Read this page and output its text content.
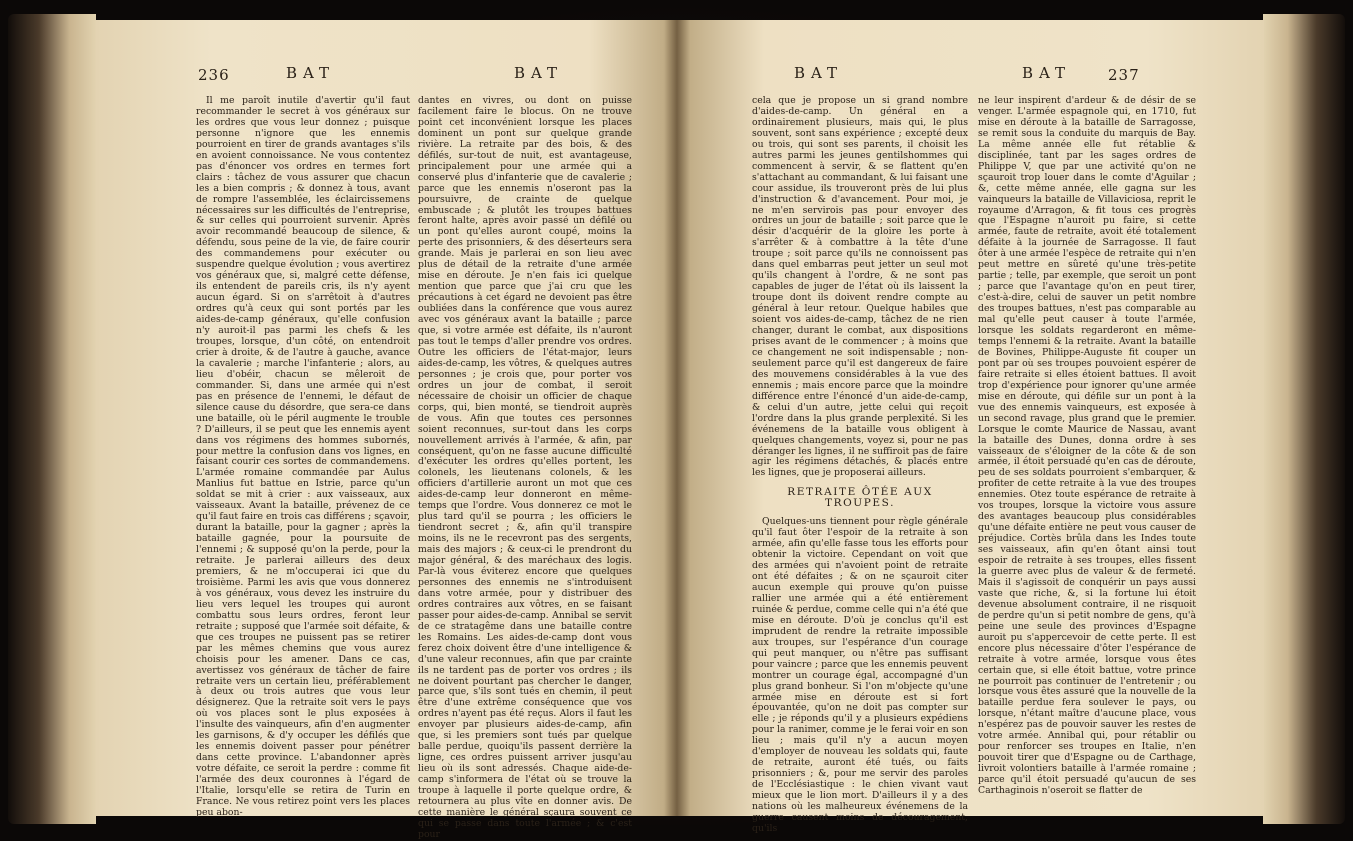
236	BAT	BAT

Il me paroît inutile d'avertir qu'il faut recommander le secret à vos généraux sur les ordres que vous leur donnez ; puisque personne n'ignore que les ennemis pourroient en tirer de grands avantages s'ils en avoient connoissance. Ne vous contentez pas d'énoncer vos ordres en termes fort clairs : tâchez de vous assurer que chacun les a bien compris ; & donnez à tous, avant de rompre l'assemblée, les éclaircissemens nécessaires sur les difficultés de l'entreprise, & sur celles qui pourroient survenir. Après avoir recommandé beaucoup de silence, & défendu, sous peine de la vie, de faire courir des commandemens pour exécuter ou suspendre quelque évolution ; vous avertirez vos généraux que, si, malgré cette défense, ils entendent de pareils cris, ils n'y ayent aucun égard. Si on s'arrêtoit à d'autres ordres qu'à ceux qui sont portés par les aides-de-camp généraux, qu'elle confusion n'y auroit-il pas parmi les chefs & les troupes, lorsque, d'un côté, on entendroit crier à droite, & de l'autre à gauche, avance la cavalerie ; marche l'infanterie ; alors, au lieu d'obéir, chacun se mêleroit de commander. Si, dans une armée qui n'est pas en présence de l'ennemi, le défaut de silence cause du désordre, que sera-ce dans une bataille, où le péril augmente le trouble ? D'ailleurs, il se peut que les ennemis ayent dans vos régimens des hommes subornés, pour mettre la confusion dans vos lignes, en faisant courir ces sortes de commandemens. L'armée romaine commandée par Aulus Manlius fut battue en Istrie, parce qu'un soldat se mit à crier : aux vaisseaux, aux vaisseaux. Avant la bataille, prévenez de ce qu'il faut faire en trois cas différens ; sçavoir, durant la bataille, pour la gagner ; après la bataille gagnée, pour la poursuite de l'ennemi ; & supposé qu'on la perde, pour la retraite. Je parlerai ailleurs des deux premiers, & ne m'occuperai ici que du troisième. Parmi les avis que vous donnerez à vos généraux, vous devez les instruire du lieu vers lequel les troupes qui auront combattu sous leurs ordres, feront leur retraite ; supposé que l'armée soit défaite, & que ces troupes ne puissent pas se retirer par les mêmes chemins que vous aurez choisis pour les amener. Dans ce cas, avertissez vos généraux de tâcher de faire retraite vers un certain lieu, préférablement à deux ou trois autres que vous leur désignerez. Que la retraite soit vers le pays où vos places sont le plus exposées à l'insulte des vainqueurs, afin d'en augmenter les garnisons, & d'y occuper les défilés que les ennemis doivent passer pour pénétrer dans cette province. L'abandonner après votre défaite, ce seroit la perdre : comme fit l'armée des deux couronnes à l'égard de l'Italie, lorsqu'elle se retira de Turin en France. Ne vous retirez point vers les places peu abon-

dantes en vivres, ou dont on puisse facilement faire le blocus. On ne trouve point cet inconvénient lorsque les places dominent un pont sur quelque grande rivière. La retraite par des bois, & des défilés, sur-tout de nuit, est avantageuse, principalement pour une armée qui a conservé plus d'infanterie que de cavalerie ; parce que les ennemis n'oseront pas la poursuivre, de crainte de quelque embuscade ; & plutôt les troupes battues feront halte, après avoir passé un défilé ou un pont qu'elles auront coupé, moins la perte des prisonniers, & des déserteurs sera grande. Mais je parlerai en son lieu avec plus de détail de la retraite d'une armée mise en déroute. Je n'en fais ici quelque mention que parce que j'ai cru que les précautions à cet égard ne devoient pas être oubliées dans la conférence que vous aurez avec vos généraux avant la bataille ; parce que, si votre armée est défaite, ils n'auront pas tout le temps d'aller prendre vos ordres. Outre les officiers de l'état-major, leurs aides-de-camp, les vôtres, & quelques autres personnes ; je crois que, pour porter vos ordres un jour de combat, il seroit nécessaire de choisir un officier de chaque corps, qui, bien monté, se tiendroit auprès de vous. Afin que toutes ces personnes soient reconnues, sur-tout dans les corps nouvellement arrivés à l'armée, & afin, par conséquent, qu'on ne fasse aucune difficulté d'exécuter les ordres qu'elles portent, les colonels, les lieutenans colonels, & les officiers d'artillerie auront un mot que ces aides-de-camp leur donneront en même-temps que l'ordre. Vous donnerez ce mot le plus tard qu'il se pourra ; les officiers le tiendront secret ; &, afin qu'il transpire moins, ils ne le recevront pas des sergents, mais des majors ; & ceux-ci le prendront du major général, & des maréchaux des logis. Par-là vous éviterez encore que quelques personnes des ennemis ne s'introduisent dans votre armée, pour y distribuer des ordres contraires aux vôtres, en se faisant passer pour aides-de-camp. Annibal se servit de ce stratagême dans une bataille contre les Romains. Les aides-de-camp dont vous ferez choix doivent être d'une intelligence & d'une valeur reconnues, afin que par crainte ils ne tardent pas de porter vos ordres ; ils ne doivent pourtant pas chercher le danger, parce que, s'ils sont tués en chemin, il peut être d'une extrême conséquence que vos ordres n'ayent pas été reçus. Alors il faut les envoyer par plusieurs aides-de-camp, afin que, si les premiers sont tués par quelque balle perdue, quoiqu'ils passent derrière la ligne, ces ordres puissent arriver jusqu'au lieu où ils sont adressés. Chaque aide-de-camp s'informera de l'état où se trouve la troupe à laquelle il porte quelque ordre, & retournera au plus vîte en donner avis. De cette manière le général sçaura souvent ce qui se passe dans toute l'armée ; & c'est pour

BAT	BAT 237

cela que je propose un si grand nombre d'aides-de-camp. Un général en a ordinairement plusieurs, mais qui, le plus souvent, sont sans expérience ; excepté deux ou trois, qui sont ses parents, il choisit les autres parmi les jeunes gentilshommes qui commencent à servir, & se flattent qu'en s'attachant au commandant, & lui faisant une cour assidue, ils trouveront près de lui plus d'instruction & d'avancement. Pour moi, je ne m'en servirois pas pour envoyer des ordres un jour de bataille ; soit parce que le désir d'acquérir de la gloire les porte à s'arrêter & à combattre à la tête d'une troupe ; soit parce qu'ils ne connoissent pas dans quel embarras peut jetter un seul mot qu'ils changent à l'ordre, & ne sont pas capables de juger de l'état où ils laissent la troupe dont ils doivent rendre compte au général à leur retour. Quelque habiles que soient vos aides-de-camp, tâchez de ne rien changer, durant le combat, aux dispositions prises avant de le commencer ; à moins que ce changement ne soit indispensable ; non-seulement parce qu'il est dangereux de faire des mouvemens considérables à la vue des ennemis ; mais encore parce que la moindre différence entre l'énoncé d'un aide-de-camp, & celui d'un autre, jette celui qui reçoit l'ordre dans la plus grande perplexité. Si les événemens de la bataille vous obligent à quelques changements, voyez si, pour ne pas déranger les lignes, il ne suffiroit pas de faire agir les régimens détachés, & placés entre les lignes, que je proposerai ailleurs.

RETRAITE ÔTÉE AUX TROUPES.

Quelques-uns tiennent pour règle générale qu'il faut ôter l'espoir de la retraite à son armée, afin qu'elle fasse tous les efforts pour obtenir la victoire. Cependant on voit que des armées qui n'avoient point de retraite ont été défaites ; & on ne sçauroit citer aucun exemple qui prouve qu'on puisse rallier une armée qui a été entièrement ruinée & perdue, comme celle qui n'a été que mise en déroute. D'où je conclus qu'il est imprudent de rendre la retraite impossible aux troupes, sur l'espérance d'un courage qui peut manquer, ou n'être pas suffisant pour vaincre ; parce que les ennemis peuvent montrer un courage égal, accompagné d'un plus grand bonheur. Si l'on m'objecte qu'une armée mise en déroute est si fort épouvantée, qu'on ne doit pas compter sur elle ; je réponds qu'il y a plusieurs expédiens pour la ranimer, comme je le ferai voir en son lieu ; mais qu'il n'y a aucun moyen d'employer de nouveau les soldats qui, faute de retraite, auront été tués, ou faits prisonniers ; &, pour me servir des paroles de l'Ecclésiastique : le chien vivant vaut mieux que le lion mort. D'ailleurs il y a des nations où les malheureux événemens de la guerre causent moins de découragement, qu'ils

ne leur inspirent d'ardeur & de désir de se venger. L'armée espagnole qui, en 1710, fut mise en déroute à la bataille de Sarragosse, se remit sous la conduite du marquis de Bay. La même année elle fut rétablie & disciplinée, tant par les sages ordres de Philippe V, que par une activité qu'on ne sçauroit trop louer dans le comte d'Aguilar ; &, cette même année, elle gagna sur les vainqueurs la bataille de Villaviciosa, reprit le royaume d'Arragon, & fit tous ces progrès que l'Espagne n'auroit pu faire, si cette armée, faute de retraite, avoit été totalement défaite à la journée de Sarragosse. Il faut ôter à une armée l'espèce de retraite qui n'en peut mettre en sûreté qu'une très-petite partie ; telle, par exemple, que seroit un pont ; parce que l'avantage qu'on en peut tirer, c'est-à-dire, celui de sauver un petit nombre des troupes battues, n'est pas comparable au mal qu'elle peut causer à toute l'armée, lorsque les soldats regarderont en même-temps l'ennemi & la retraite. Avant la bataille de Bovines, Philippe-Auguste fit couper un pont par où ses troupes pouvoient espérer de faire retraite si elles étoient battues. Il avoit trop d'expérience pour ignorer qu'une armée mise en déroute, qui défile sur un pont à la vue des ennemis vainqueurs, est exposée à un second ravage, plus grand que le premier. Lorsque le comte Maurice de Nassau, avant la bataille des Dunes, donna ordre à ses vaisseaux de s'éloigner de la côte & de son armée, il étoit persuadé qu'en cas de déroute, peu de ses soldats pourroient s'embarquer, & profiter de cette retraite à la vue des troupes ennemies. Otez toute espérance de retraite à vos troupes, lorsque la victoire vous assure des avantages beaucoup plus considérables qu'une défaite entière ne peut vous causer de préjudice. Cortès brûla dans les Indes toute ses vaisseaux, afin qu'en ôtant ainsi tout espoir de retraite à ses troupes, elles fissent la guerre avec plus de valeur & de fermeté. Mais il s'agissoit de conquérir un pays aussi vaste que riche, &, si la fortune lui étoit devenue absolument contraire, il ne risquoit de perdre qu'un si petit nombre de gens, qu'à peine une seule des provinces d'Espagne auroit pu s'appercevoir de cette perte. Il est encore plus nécessaire d'ôter l'espérance de retraite à votre armée, lorsque vous êtes certain que, si elle étoit battue, votre prince ne pourroit pas continuer de l'entretenir ; ou lorsque vous êtes assuré que la nouvelle de la bataille perdue fera soulever le pays, ou lorsque, n'étant maître d'aucune place, vous n'espérez pas de pouvoir sauver les restes de votre armée. Annibal qui, pour rétablir ou pour renforcer ses troupes en Italie, n'en pouvoit tirer que d'Espagne ou de Carthage, livroit volontiers bataille à l'armée romaine ; parce qu'il étoit persuadé qu'aucun de ses Carthaginois n'oseroit se flatter de
